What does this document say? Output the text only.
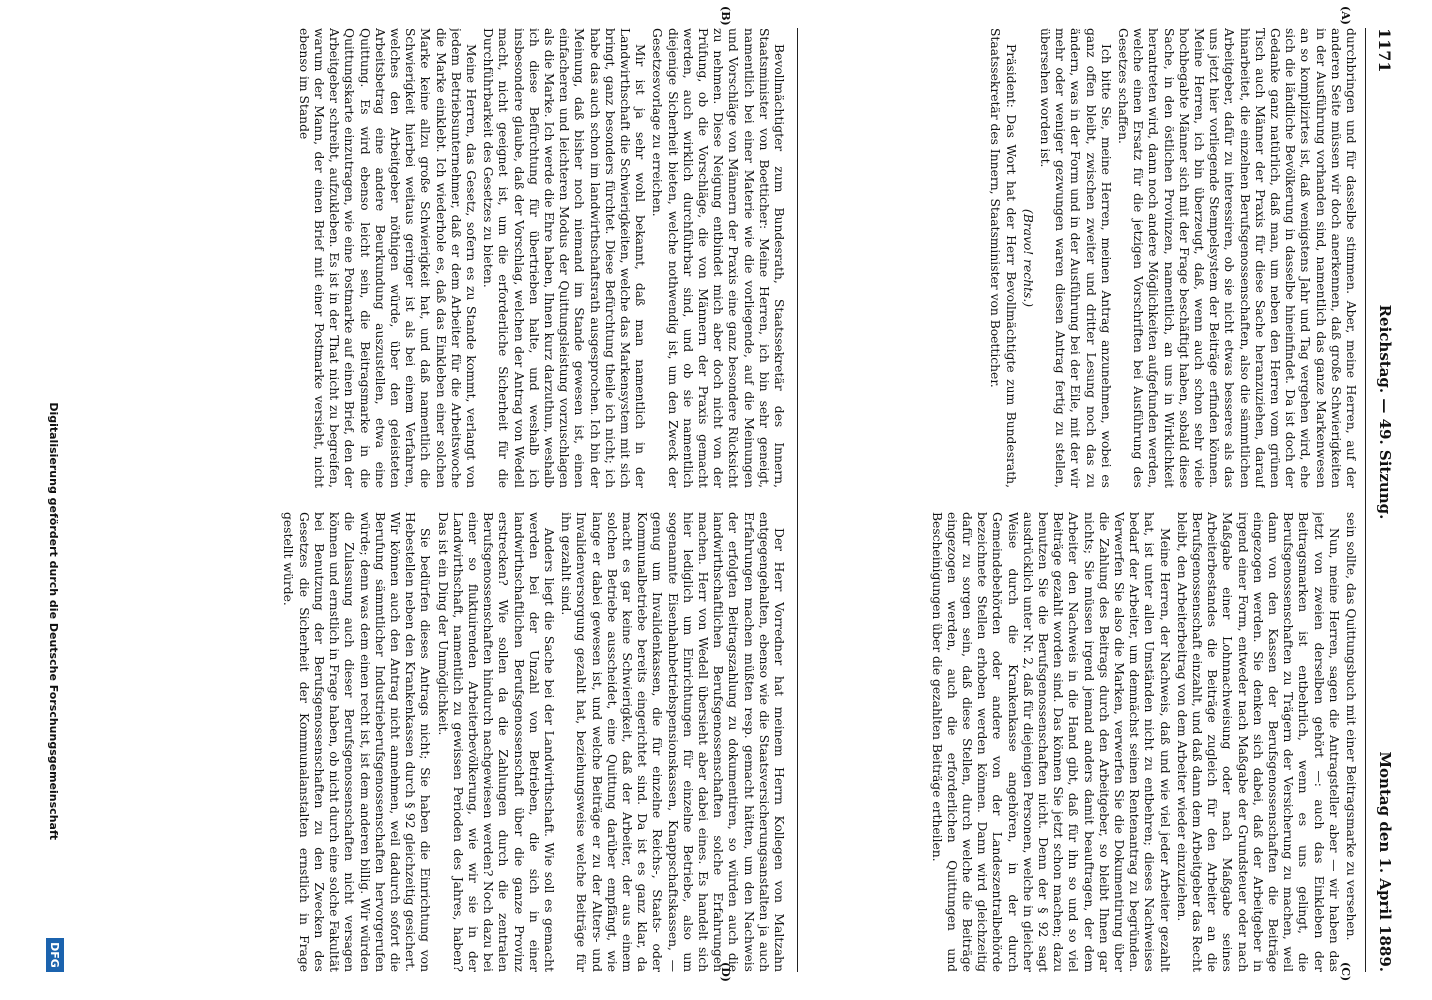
1171
Reichstag. — 49. Sitzung.
Montag den 1. April 1889.

durchbringen und für dasselbe stimmen. Aber, meine Herren, auf der anderen Seite müssen wir doch anerkennen, daß große Schwierigkeiten in der Ausführung vorhanden sind, namentlich das ganze Markenwesen an so komplizirtes ist, daß wenigstens Jahr und Tag vergehen wird, ehe sich die ländliche Bevölkerung in dasselbe hineinfindet. Da ist doch der Gedanke ganz natürlich, daß man, um neben den Herren vom grünen Tisch auch Männer der Praxis für diese Sache heranzuziehen, darauf hinarbeitet, die einzelnen Berufsgenossenschaften, also die sämmtlichen Arbeitgeber, dafür zu interessiren, ob sie nicht etwas besseres als das uns jetzt hier vorliegende Stempelsystem der Beiträge erfinden können. Meine Herren, ich bin überzeugt, daß, wenn auch schon sehr viele hochbegabte Männer sich mit der Frage beschäftigt haben, sobald diese Sache, in den östlichen Provinzen, namentlich, an uns in Wirklichkeit herantreten wird, dann noch andere Möglichkeiten aufgefunden werden, welche einen Ersatz für die jetzigen Vorschriften bei Ausführung des Gesetzes schaffen.

Ich bitte Sie, meine Herren, meinen Antrag anzunehmen, wobei es ganz offen bleibt, zwischen zweiter und dritter Lesung noch das zu ändern, was in der Form und in der Ausführung bei der Eile, mit der wir mehr oder weniger gezwungen waren diesen Antrag fertig zu stellen, übersehen worden ist.

(Bravo! rechts.)

Präsident: Das Wort hat der Herr Bevollmächtigte zum Bundesrath, Staatssekretär des Innern, Staatsminister von Boetticher.

sein sollte, das Quittungsbuch mit einer Beitragsmarke zu versehen.

Nun, meine Herren, sagen die Antragsteller aber — wir haben das jetzt von zweien derselben gehört —: auch das Einkleben der Beitragsmarken ist entbehrlich, wenn es uns gelingt, die Berufsgenossenschaften zu Trägern der Versicherung zu machen, weil dann von den Kassen der Berufsgenossenschaften die Beiträge eingezogen werden. Sie denken sich dabei, daß der Arbeitgeber in irgend einer Form, entweder nach Maßgabe der Grundsteuer oder nach Maßgabe einer Lohnnachweisung oder nach Maßgabe seines Arbeiterbestandes die Beiträge zugleich für den Arbeiter an die Berufsgenossenschaft einzahlt, und daß dann dem Arbeitgeber das Recht bleibt, den Arbeiterbeitrag von dem Arbeiter wieder einzuziehen.

Meine Herren, der Nachweis, daß und wie viel jeder Arbeiter gezahlt hat, ist unter allen Umständen nicht zu entbehren; dieses Nachweises bedarf der Arbeiter, um demnächst seinen Rentenantrag zu begründen. Verwerfen Sie also die Marken, verwerfen Sie die Dokumentirung über die Zahlung des Beitrags durch den Arbeitgeber, so bleibt Ihnen gar nichts; Sie müssen irgend jemand anders damit beauftragen, der dem Arbeiter den Nachweis in die Hand gibt, daß für ihn so und so viel Beiträge gezahlt worden sind. Das können Sie jetzt schon machen; dazu benutzen Sie die Berufsgenossenschaften nicht. Denn der § 92 sagt ausdrücklich unter Nr. 2, daß für diejenigen Personen, welche in gleicher Weise durch die Krankenkasse angehören, in der durch Gemeindebehörden oder andere von der Landeszentralbehörde bezeichnete Stellen erhoben werden können. Dann wird gleichzeitig dafür zu sorgen sein, daß diese Stellen, durch welche die Beiträge eingezogen werden, auch die erforderlichen Quittungen und Bescheinigungen über die gezahlten Beiträge ertheilen.

Bevollmächtigter zum Bundesrath, Staatssekretär des Innern, Staatsminister von Boetticher: Meine Herren, ich bin sehr geneigt, namentlich bei einer Materie wie die vorliegende, auf die Meinungen und Vorschläge von Männern der Praxis eine ganz besondere Rücksicht zu nehmen. Diese Neigung entbindet mich aber doch nicht von der Prüfung, ob die Vorschläge, die von Männern der Praxis gemacht werden, auch wirklich durchführbar sind, und ob sie namentlich diejenige Sicherheit bieten, welche nothwendig ist, um den Zweck der Gesetzesvorlage zu erreichen.

Mir ist ja sehr wohl bekannt, daß man namentlich in der Landwirthschaft die Schwierigkeiten, welche das Markensystem mit sich bringt, ganz besonders fürchtet. Diese Befürchtung theile ich nicht; ich habe das auch schon im landwirthschaftsrath ausgesprochen. Ich bin der Meinung, daß bisher noch niemand im Stande gewesen ist, einen einfacheren und leichteren Modus der Quittungsleistung vorzuschlagen als die Marke. Ich werde die Ehre haben, Ihnen kurz darzuthun, weshalb ich diese Befürchtung für übertrieben halte, und weshalb ich insbesondere glaube, daß der Vorschlag, welchen der Antrag von Wedell macht, nicht geeignet ist, um die erforderliche Sicherheit für die Durchführbarkeit des Gesetzes zu bieten.

Meine Herren, das Gesetz, sofern es zu Stande kommt, verlangt von jedem Betriebsunternehmer, daß er dem Arbeiter für die Arbeitswoche die Marke einklebt. Ich wiederhole es, daß das Einkleben einer solchen Marke keine allzu große Schwierigkeit hat, und daß namentlich die Schwierigkeit hierbei weitaus geringer ist als bei einem Verfahren, welches den Arbeitgeber nöthigen würde, über den geleisteten Arbeitsbetrag eine andere Beurkundung auszustellen, etwa eine Quittung. Es wird ebenso leicht sein, die Beitragsmarke in die Quittungskarte einzutragen, wie eine Postmarke auf einen Brief, den der Arbeitgeber schreibt, aufzukleben. Es ist in der That nicht zu begreifen, warum der Mann, der einen Brief mit einer Postmarke versieht, nicht ebenso im Stande

Der Herr Vorredner hat meinem Herrn Kollegen von Maltzahn entgegengehalten, ebenso wie die Staatsversicherungsanstalten ja auch Erfahrungen machen müßten resp. gemacht hätten, um den Nachweis der erfolgten Beitragszahlung zu dokumentiren, so würden auch die landwirthschaftlichen Berufsgenossenschaften solche Erfahrungen machen. Herr von Wedell übersieht aber dabei eines. Es handelt sich hier lediglich um Einrichtungen für einzelne Betriebe, also um sogenannte Eisenbahnbetriebspensionskassen, Knappschaftskassen, — genug um Invalidenkassen, die für einzelne Reichs-, Staats- oder Kommunalbetriebe bereits eingerichtet sind. Da ist es ganz klar, da macht es gar keine Schwierigkeit, daß der Arbeiter, der aus einem solchen Betriebe ausscheidet, eine Quittung darüber empfängt, wie lange er dabei gewesen ist, und welche Beiträge er zu der Alters- und Invalidenversorgung gezahlt hat, beziehungsweise welche Beiträge für ihn gezahlt sind.

Anders liegt die Sache bei der Landwirthschaft. Wie soll es gemacht werden bei der Unzahl von Betrieben, die sich in einer landwirthschaftlichen Berufsgenossenschaft über die ganze Provinz erstrecken? Wie sollen da die Zahlungen durch die zentralen Berufsgenossenschaften hindurch nachgewiesen werden? Noch dazu bei einer so fluktuirenden Arbeiterbevölkerung, wie wir sie in der Landwirthschaft, namentlich zu gewissen Perioden des Jahres, haben? Das ist ein Ding der Unmöglichkeit.

Sie bedürfen dieses Antrags nicht; Sie haben die Einrichtung von Hebestellen neben den Krankenkassen durch § 92 gleichzeitig gesichert. Wir können auch den Antrag nicht annehmen, weil dadurch sofort die Berufung sämmtlicher Industrieberufsgenossenschaften hervorgerufen würde; denn was dem einen recht ist, ist dem anderen billig. Wir würden die Zulassung auch dieser Berufsgenossenschaften nicht versagen können und ernstlich in Frage haben, ob nicht durch eine solche Fakultät bei Benutzung der Berufsgenossenschaften zu den Zwecken des Gesetzes die Sicherheit der Kommunalanstalten ernstlich in Frage gestellt würde.

(A)
(B)
(C)
(D)
Digitalisierung gefördert durch die Deutsche Forschungsgemeinschaft
DFG
